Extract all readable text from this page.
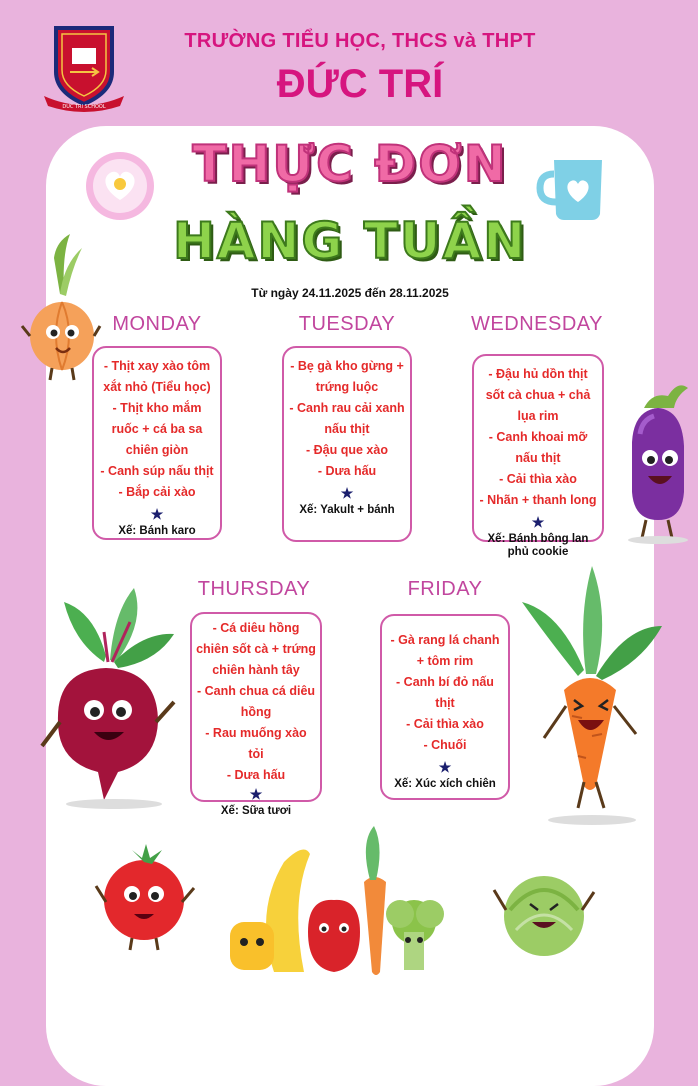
DUC TRI SCHOOL
TRƯỜNG TIỂU HỌC, THCS và THPT
ĐỨC TRÍ
THỰC ĐƠN
HÀNG TUẦN
Từ ngày 24.11.2025 đến 28.11.2025
MONDAY
- Thịt xay xào tôm xắt nhỏ (Tiểu học)
- Thịt kho mắm ruốc + cá ba sa chiên giòn
- Canh súp nấu thịt
- Bắp cải xào
★
Xế: Bánh karo
TUESDAY
- Bẹ gà kho gừng + trứng luộc
- Canh rau cải xanh nấu thịt
- Đậu que xào
- Dưa hấu
★
Xế: Yakult + bánh
WEDNESDAY
- Đậu hủ dồn thịt sốt cà chua + chả lụa rim
- Canh khoai mỡ nấu thịt
- Cải thìa xào
- Nhãn + thanh long
★
Xế: Bánh bông lan phủ cookie
THURSDAY
- Cá diêu hồng chiên sốt cà + trứng chiên hành tây
- Canh chua cá diêu hồng
- Rau muống xào tỏi
- Dưa hấu
★
Xế: Sữa tươi
FRIDAY
- Gà rang lá chanh + tôm rim
- Canh bí đỏ nấu thịt
- Cải thìa xào
- Chuối
★
Xế: Xúc xích chiên
